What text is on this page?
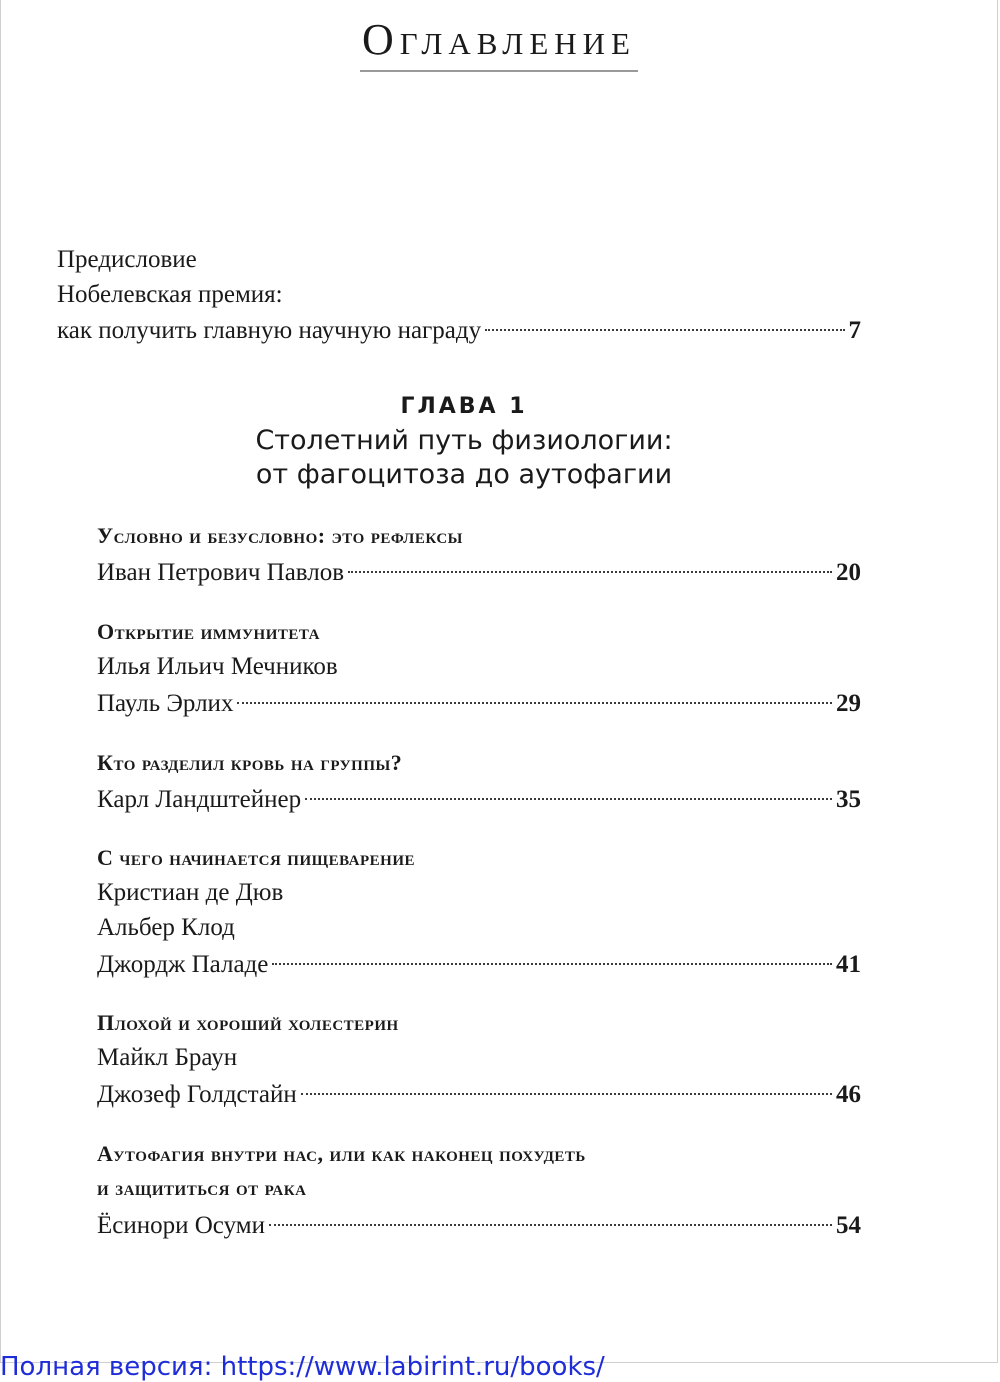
Оглавление
Предисловие
Нобелевская премия:
как получить главную научную награду	7
ГЛАВА 1
Столетний путь физиологии:
от фагоцитоза до аутофагии
Условно и безусловно: это рефлексы
Иван Петрович Павлов	20
Открытие иммунитета
Илья Ильич Мечников
Пауль Эрлих	29
Кто разделил кровь на группы?
Карл Ландштейнер	35
С чего начинается пищеварение
Кристиан де Дюв
Альбер Клод
Джордж Паладе	41
Плохой и хороший холестерин
Майкл Браун
Джозеф Голдстайн	46
Аутофагия внутри нас, или как наконец похудеть
и защититься от рака
Ёсинори Осуми	54
Полная версия: https://www.labirint.ru/books/
